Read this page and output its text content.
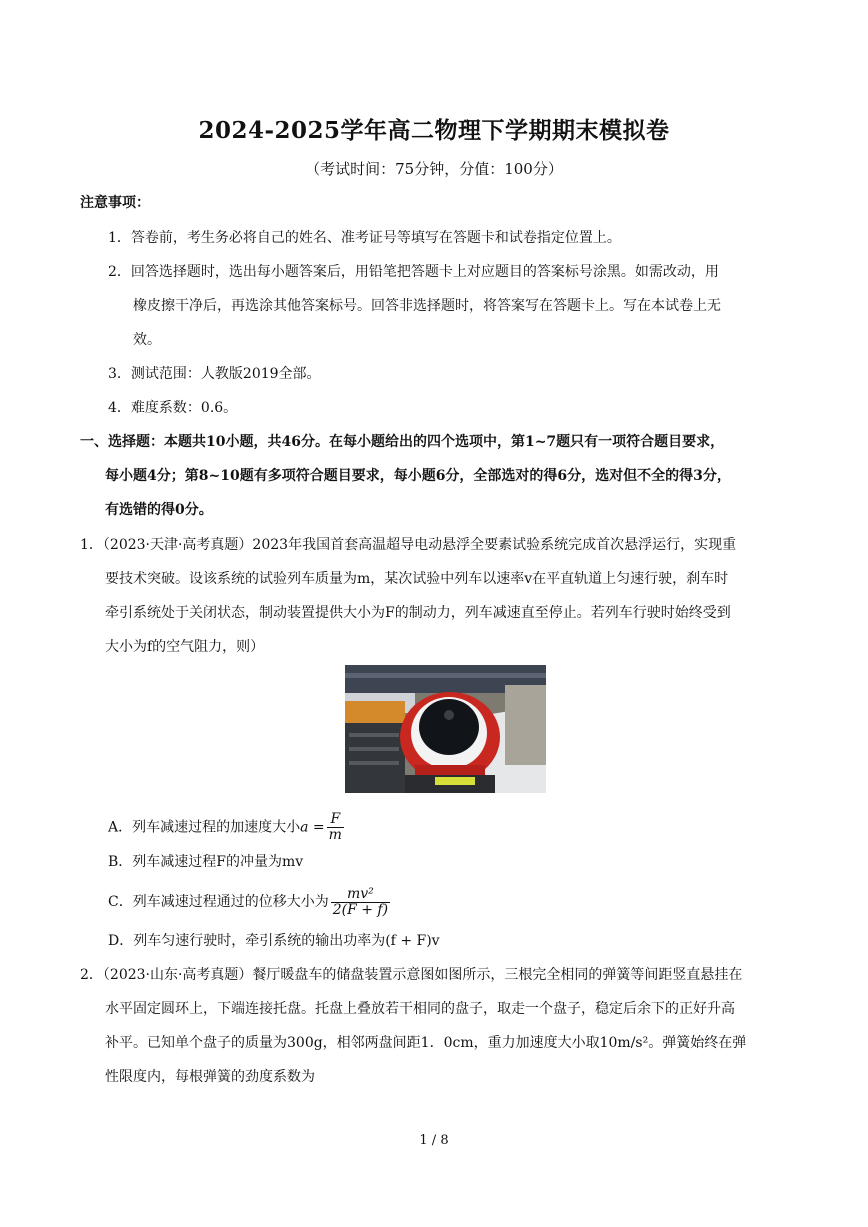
2024-2025学年高二物理下学期期末模拟卷
（考试时间：75分钟，分值：100分）
注意事项：
1．答卷前，考生务必将自己的姓名、准考证号等填写在答题卡和试卷指定位置上。
2．回答选择题时，选出每小题答案后，用铅笔把答题卡上对应题目的答案标号涂黑。如需改动，用
橡皮擦干净后，再选涂其他答案标号。回答非选择题时，将答案写在答题卡上。写在本试卷上无
效。
3．测试范围：人教版2019全部。
4．难度系数：0.6。
一、选择题：本题共10小题，共46分。在每小题给出的四个选项中，第1~7题只有一项符合题目要求，
每小题4分；第8~10题有多项符合题目要求，每小题6分，全部选对的得6分，选对但不全的得3分，
有选错的得0分。
1．（2023·天津·高考真题）2023年我国首套高温超导电动悬浮全要素试验系统完成首次悬浮运行，实现重
要技术突破。设该系统的试验列车质量为m，某次试验中列车以速率v在平直轨道上匀速行驶，刹车时
牵引系统处于关闭状态，制动装置提供大小为F的制动力，列车减速直至停止。若列车行驶时始终受到
大小为f的空气阻力，则）
A．列车减速过程的加速度大小$a = \frac{F}{m}$
B．列车减速过程F的冲量为mv
C．列车减速过程通过的位移大小为 $\frac{\text{mv²}}{2(F + f)}$
D．列车匀速行驶时，牵引系统的输出功率为(f + F)v
2．（2023·山东·高考真题）餐厅暖盘车的储盘装置示意图如图所示，三根完全相同的弹簧等间距竖直悬挂在
水平固定圆环上，下端连接托盘。托盘上叠放若干相同的盘子，取走一个盘子，稳定后余下的正好升高
补平。已知单个盘子的质量为300g，相邻两盘间距1．0cm，重力加速度大小取10m/s²。弹簧始终在弹
性限度内，每根弹簧的劲度系数为
1 / 8
